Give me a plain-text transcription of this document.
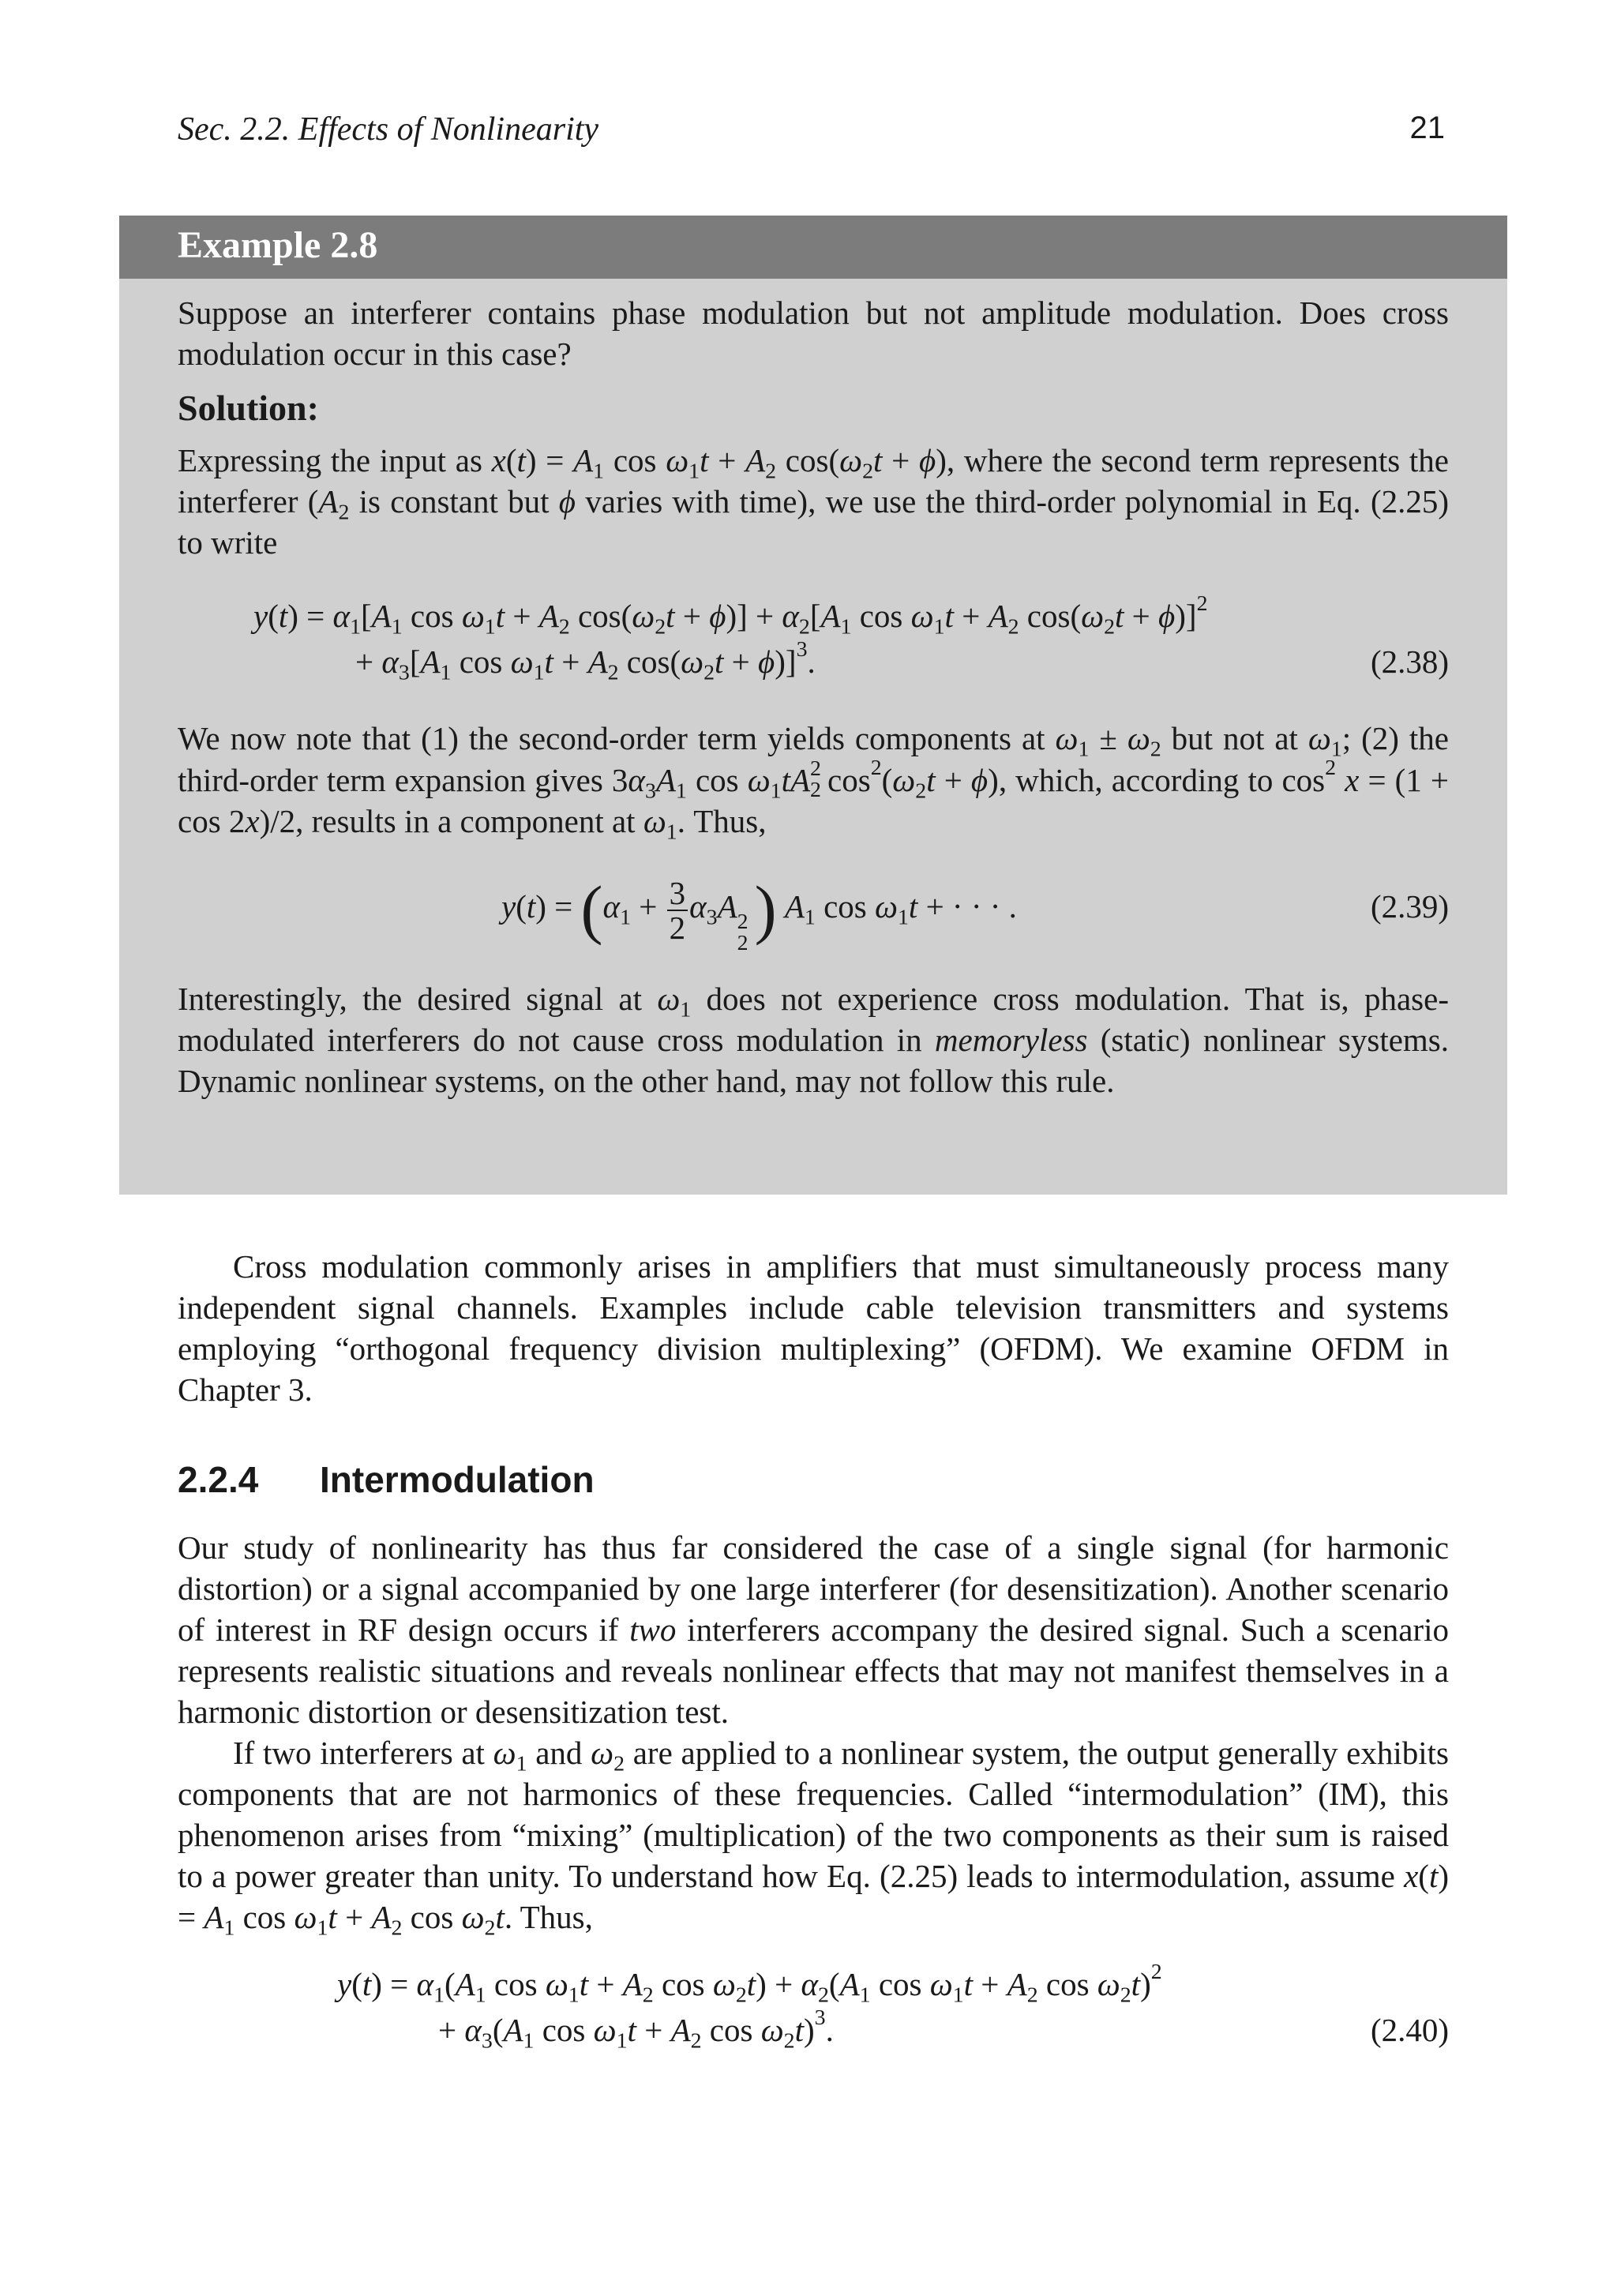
Sec. 2.2. Effects of Nonlinearity	21
Example 2.8

Suppose an interferer contains phase modulation but not amplitude modulation. Does cross modulation occur in this case?

Solution:

Expressing the input as $x(t) = A_1$ $\cos \omega_1t + A_2$ $\cos(\omega_2t + \phi)$, where the second term represents the interferer ($A_2$ is constant but ϕ varies with time), we use the third-order polynomial in Eq. (2.25) to write

$y(t) = \alpha_1[A_1$ $\cos \omega_1t + A_2$ $\cos(\omega_2t + \phi)] + \alpha_2[A_1$ $\cos \omega_1t + A_2$ $\cos(\omega_2t + \phi)]^2$
+ $\alpha_3[A_1$ $\cos \omega_1t + A_2$ $\cos(\omega_2t + \phi)]^3$.	(2.38)

We now note that (1) the second-order term yields components at $\omega_1 \pm \omega_2$ but not at $\omega_1$; (2) the third-order term expansion gives $3\alpha_3A_1$ $\cos \omega_1tA$ 2
2 $\cos^2(\omega_2t + \phi)$, which, according to $\cos^2 x = (1 + \cos 2x)/2$, results in a component at $\omega_1$. Thus,

$y(t) = (\alpha_1 + \frac{3}{2} \alpha_3A$ 2
2 ) $A_1$ $\cos \omega_1t$ + · · · .	(2.39)

Interestingly, the desired signal at $\omega_1$ does not experience cross modulation. That is, phase-modulated interferers do not cause cross modulation in memoryless (static) nonlinear systems. Dynamic nonlinear systems, on the other hand, may not follow this rule.

Cross modulation commonly arises in amplifiers that must simultaneously process many independent signal channels. Examples include cable television transmitters and systems employing “orthogonal frequency division multiplexing” (OFDM). We examine OFDM in Chapter 3.

2.2.4 Intermodulation

Our study of nonlinearity has thus far considered the case of a single signal (for harmonic distortion) or a signal accompanied by one large interferer (for desensitization). Another scenario of interest in RF design occurs if two interferers accompany the desired signal. Such a scenario represents realistic situations and reveals nonlinear effects that may not manifest themselves in a harmonic distortion or desensitization test.

If two interferers at $\omega_1$ and $\omega_2$ are applied to a nonlinear system, the output generally exhibits components that are not harmonics of these frequencies. Called “intermodulation” (IM), this phenomenon arises from “mixing” (multiplication) of the two components as their sum is raised to a power greater than unity. To understand how Eq. (2.25) leads to intermodulation, assume $x(t) = A_1$ $\cos \omega_1t + A_2$ $\cos \omega_2t$. Thus,

$y(t) = \alpha_1(A_1$ $\cos \omega_1t + A_2$ $\cos \omega_2t) + \alpha_2(A_1$ $\cos \omega_1t + A_2$ $\cos \omega_2t)^2$
+ $\alpha_3(A_1$ $\cos \omega_1t + A_2$ $\cos \omega_2t)^3$.	(2.40)
